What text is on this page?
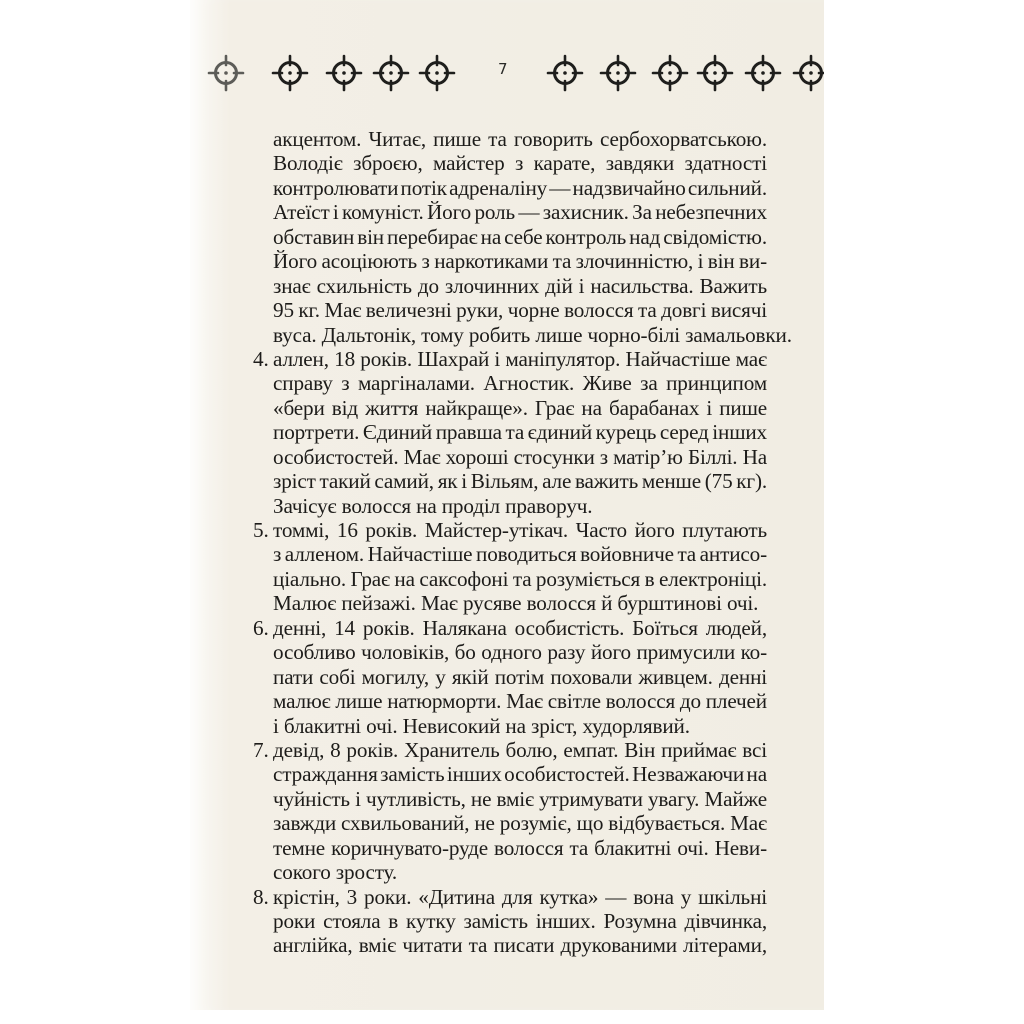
7
акцентом. Читає, пише та говорить сербохорватською.
Володіє зброєю, майстер з карате, завдяки здатності
контролювати потік адреналіну — надзвичайно сильний.
Атеїст і комуніст. Його роль — захисник. За небезпечних
обставин він перебирає на себе контроль над свідомістю.
Його асоціюють з наркотиками та злочинністю, і він ви-
знає схильність до злочинних дій і насильства. Важить
95 кг. Має величезні руки, чорне волосся та довгі висячі
вуса. Дальтонік, тому робить лише чорно-білі замальовки.
4. аллен, 18 років. Шахрай і маніпулятор. Найчастіше має
справу з маргіналами. Агностик. Живе за принципом
«бери від життя найкраще». Грає на барабанах і пише
портрети. Єдиний правша та єдиний курець серед інших
особистостей. Має хороші стосунки з матір’ю Біллі. На
зріст такий самий, як і Вільям, але важить менше (75 кг).
Зачісує волосся на проділ праворуч.
5. томмі, 16 років. Майстер-утікач. Часто його плутають
з алленом. Найчастіше поводиться войовниче та антисо-
ціально. Грає на саксофоні та розуміється в електроніці.
Малює пейзажі. Має русяве волосся й бурштинові очі.
6. денні, 14 років. Налякана особистість. Боїться людей,
особливо чоловіків, бо одного разу його примусили ко-
пати собі могилу, у якій потім поховали живцем. денні
малює лише натюрморти. Має світле волосся до плечей
і блакитні очі. Невисокий на зріст, худорлявий.
7. девід, 8 років. Хранитель болю, емпат. Він приймає всі
страждання замість інших особистостей. Незважаючи на
чуйність і чутливість, не вміє утримувати увагу. Майже
завжди схвильований, не розуміє, що відбувається. Має
темне коричнувато-руде волосся та блакитні очі. Неви-
сокого зросту.
8. крістін, 3 роки. «Дитина для кутка» — вона у шкільні
роки стояла в кутку замість інших. Розумна дівчинка,
англійка, вміє читати та писати друкованими літерами,
